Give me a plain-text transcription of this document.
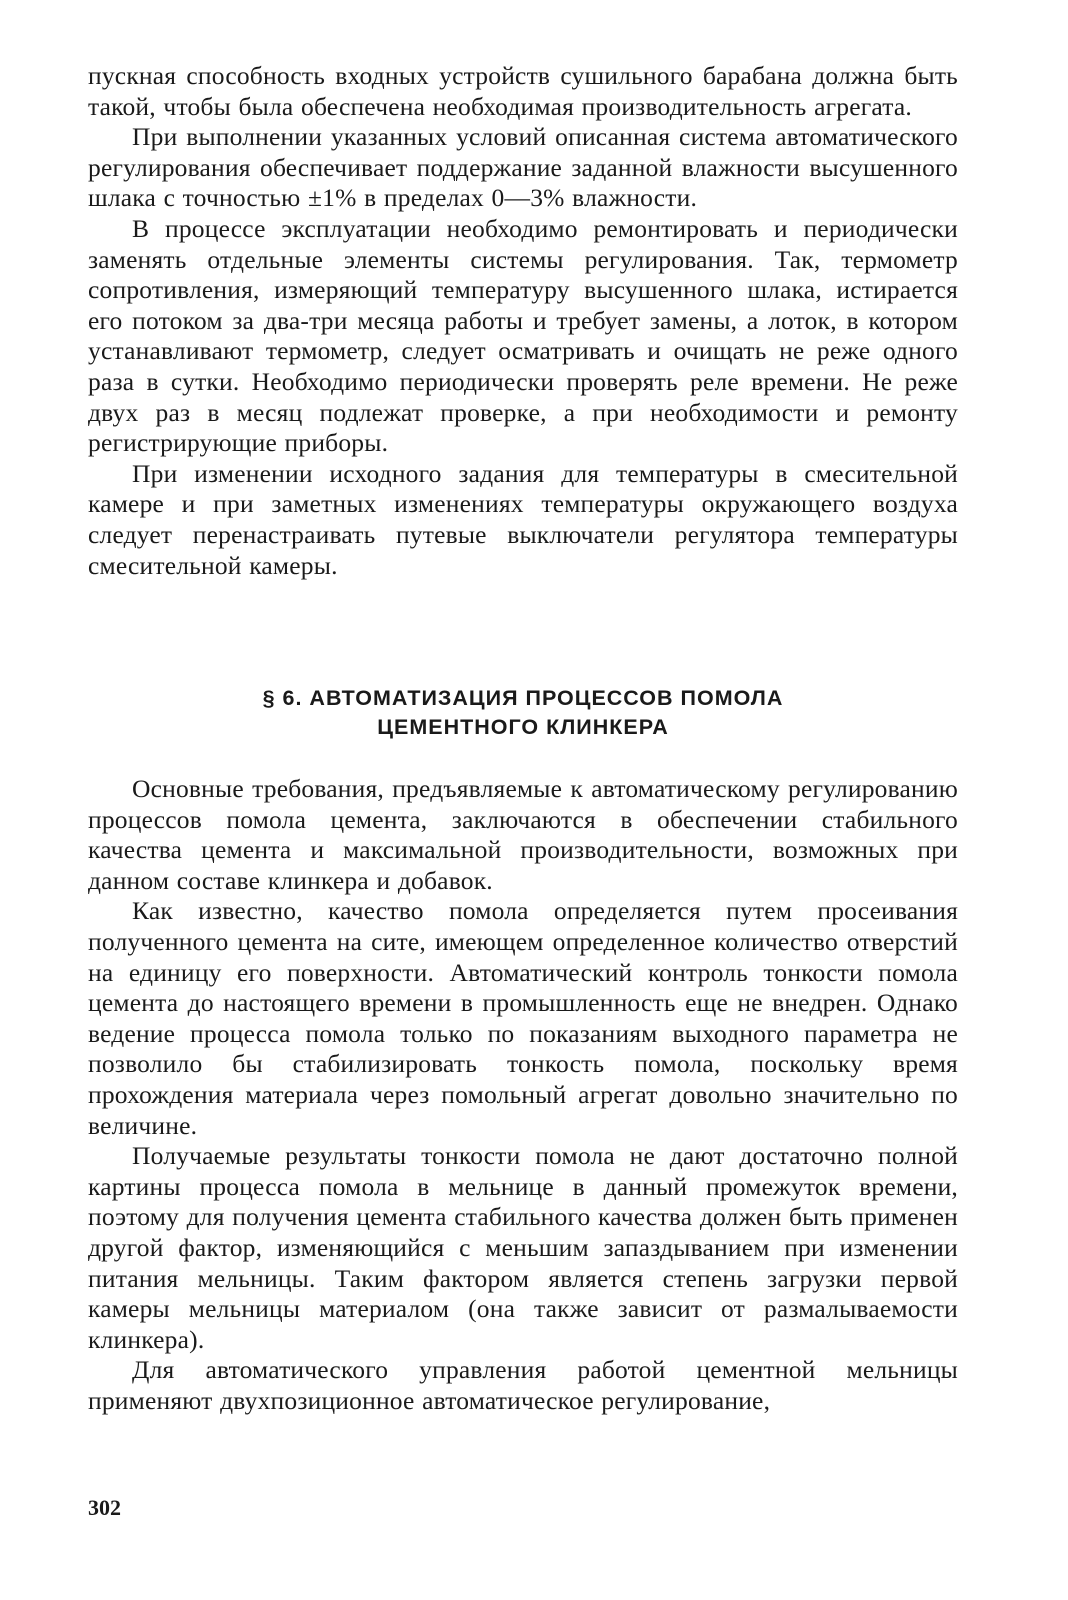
пускная способность входных устройств сушильного барабана должна быть такой, чтобы была обеспечена необходимая производительность агрегата.

При выполнении указанных условий описанная система автоматического регулирования обеспечивает поддержание заданной влажности высушенного шлака с точностью ±1% в пределах 0—3% влажности.

В процессе эксплуатации необходимо ремонтировать и периодически заменять отдельные элементы системы регулирования. Так, термометр сопротивления, измеряющий температуру высушенного шлака, истирается его потоком за два-три месяца работы и требует замены, а лоток, в котором устанавливают термометр, следует осматривать и очищать не реже одного раза в сутки. Необходимо периодически проверять реле времени. Не реже двух раз в месяц подлежат проверке, а при необходимости и ремонту регистрирующие приборы.

При изменении исходного задания для температуры в смесительной камере и при заметных изменениях температуры окружающего воздуха следует перенастраивать путевые выключатели регулятора температуры смесительной камеры.

§ 6. АВТОМАТИЗАЦИЯ ПРОЦЕССОВ ПОМОЛА
ЦЕМЕНТНОГО КЛИНКЕРА

Основные требования, предъявляемые к автоматическому регулированию процессов помола цемента, заключаются в обеспечении стабильного качества цемента и максимальной производительности, возможных при данном составе клинкера и добавок.

Как известно, качество помола определяется путем просеивания полученного цемента на сите, имеющем определенное количество отверстий на единицу его поверхности. Автоматический контроль тонкости помола цемента до настоящего времени в промышленность еще не внедрен. Однако ведение процесса помола только по показаниям выходного параметра не позволило бы стабилизировать тонкость помола, поскольку время прохождения материала через помольный агрегат довольно значительно по величине.

Получаемые результаты тонкости помола не дают достаточно полной картины процесса помола в мельнице в данный промежуток времени, поэтому для получения цемента стабильного качества должен быть применен другой фактор, изменяющийся с меньшим запаздыванием при изменении питания мельницы. Таким фактором является степень загрузки первой камеры мельницы материалом (она также зависит от размалываемости клинкера).

Для автоматического управления работой цементной мельницы применяют двухпозиционное автоматическое регулирование,

302
